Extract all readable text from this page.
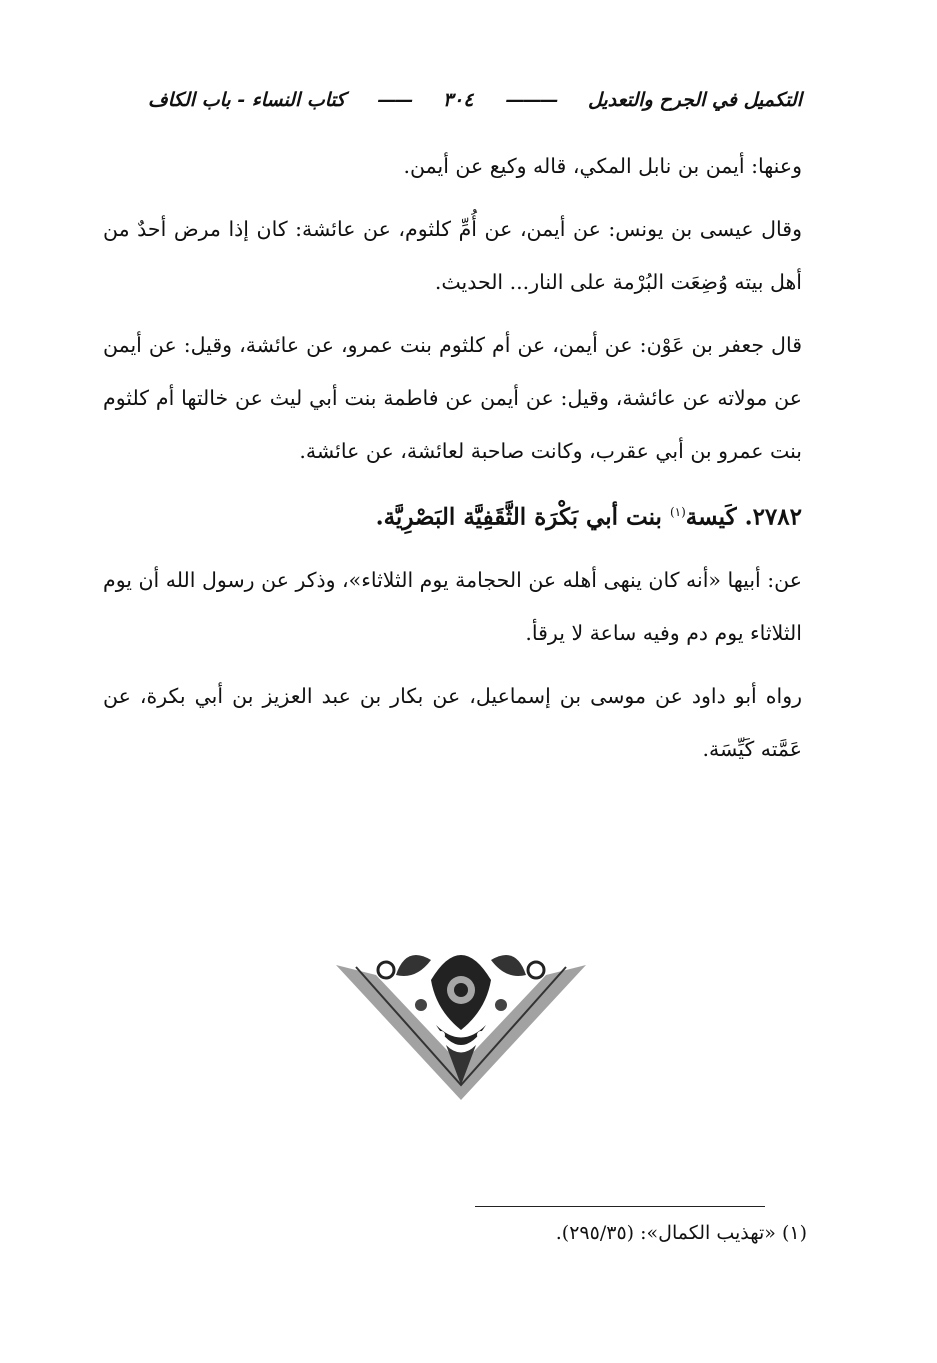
التكميل في الجرح والتعديل
———
٣٠٤
——
كتاب النساء - باب الكاف

وعنها: أيمن بن نابل المكي، قاله وكيع عن أيمن.

وقال عيسى بن يونس: عن أيمن، عن أُمِّ كلثوم، عن عائشة: كان إذا مرض أحدٌ من أهل بيته وُضِعَت البُرْمة على النار... الحديث.

قال جعفر بن عَوْن: عن أيمن، عن أم كلثوم بنت عمرو، عن عائشة، وقيل: عن أيمن عن مولاته عن عائشة، وقيل: عن أيمن عن فاطمة بنت أبي ليث عن خالتها أم كلثوم بنت عمرو بن أبي عقرب، وكانت صاحبة لعائشة، عن عائشة.

٢٧٨٢. كَيسة$^{(١)}$ بنت أبي بَكْرَة الثَّقَفِيَّة البَصْرِيَّة.

عن: أبيها «أنه كان ينهى أهله عن الحجامة يوم الثلاثاء»، وذكر عن رسول الله أن يوم الثلاثاء يوم دم وفيه ساعة لا يرقأ.

رواه أبو داود عن موسى بن إسماعيل، عن بكار بن عبد العزيز بن أبي بكرة، عن عَمَّته كَيِّسَة.

(١) «تهذيب الكمال»: (٢٩٥/٣٥).
